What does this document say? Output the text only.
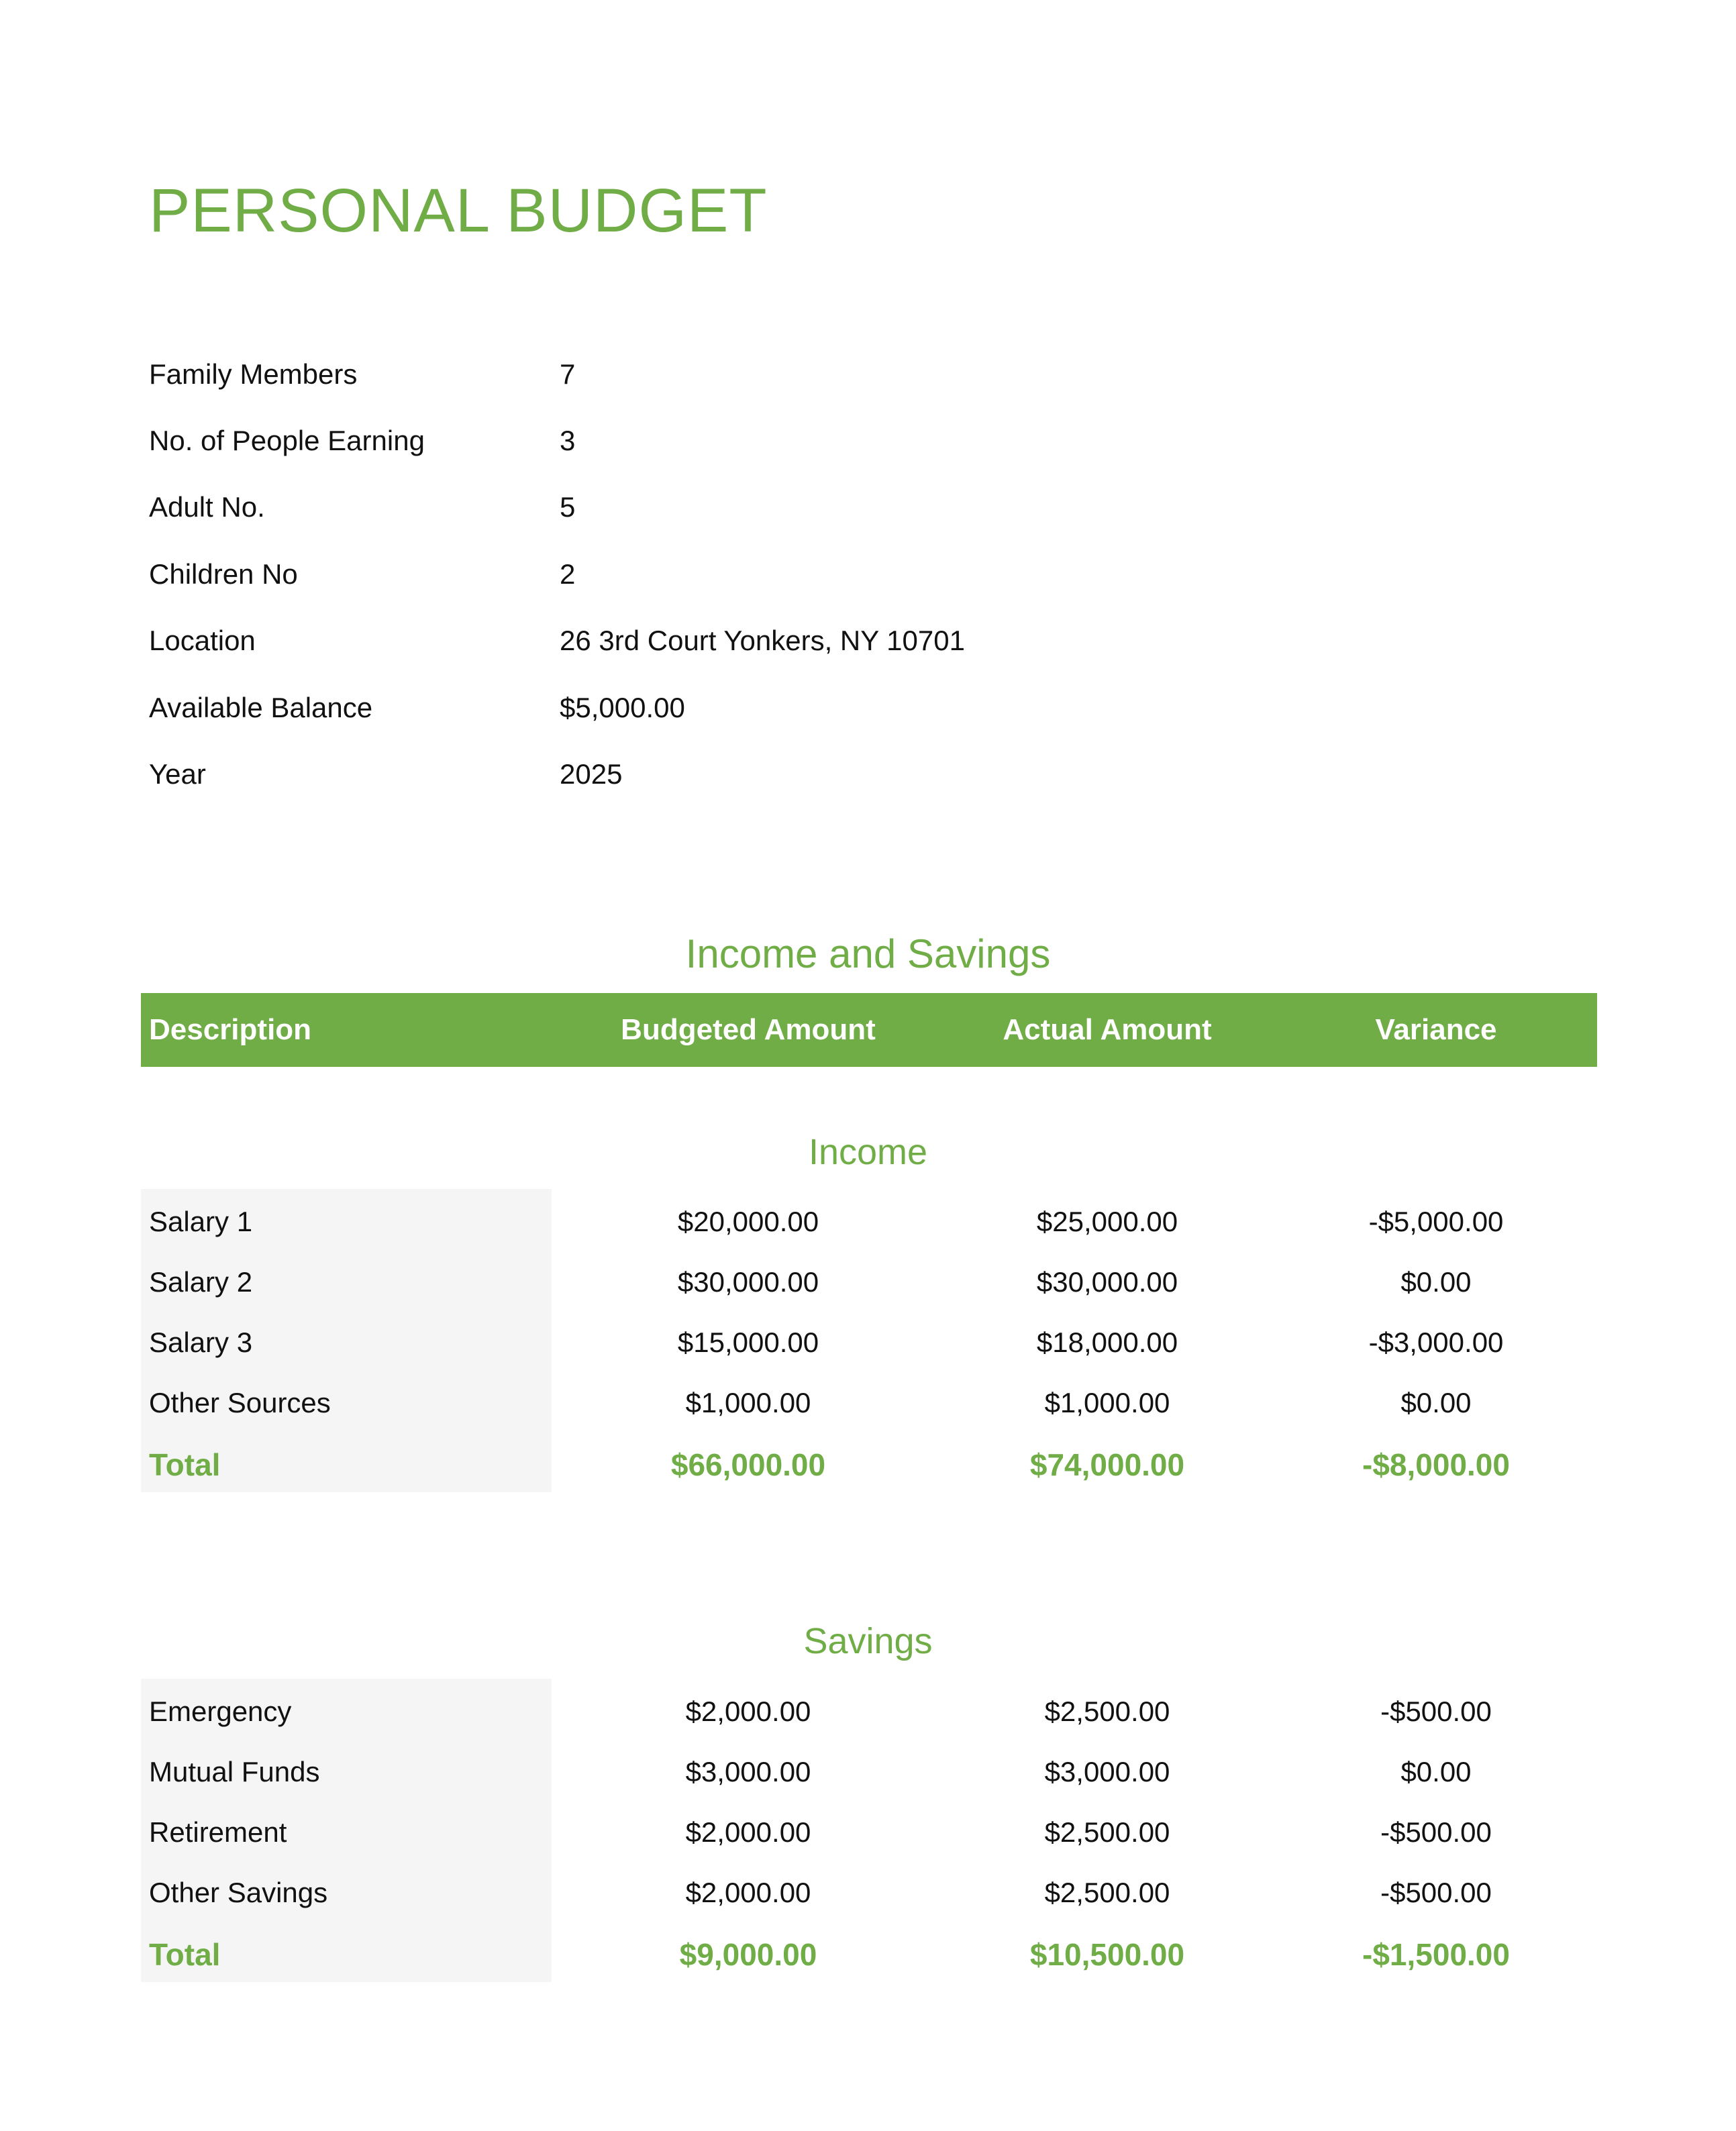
PERSONAL BUDGET
Family Members	7
No. of People Earning	3
Adult No.	5
Children No	2
Location	26 3rd Court Yonkers, NY 10701
Available Balance	$5,000.00
Year	2025
Income and Savings
Description	Budgeted Amount	Actual Amount	Variance
Income
Salary 1	$20,000.00	$25,000.00	-$5,000.00
Salary 2	$30,000.00	$30,000.00	$0.00
Salary 3	$15,000.00	$18,000.00	-$3,000.00
Other Sources	$1,000.00	$1,000.00	$0.00
Total	$66,000.00	$74,000.00	-$8,000.00
Savings
Emergency	$2,000.00	$2,500.00	-$500.00
Mutual Funds	$3,000.00	$3,000.00	$0.00
Retirement	$2,000.00	$2,500.00	-$500.00
Other Savings	$2,000.00	$2,500.00	-$500.00
Total	$9,000.00	$10,500.00	-$1,500.00
